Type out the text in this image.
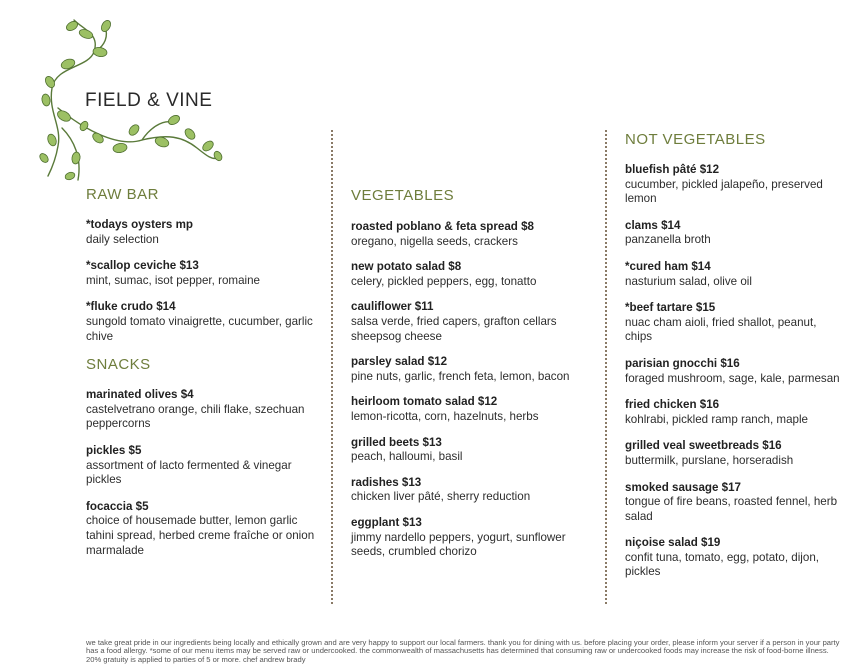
FIELD & VINE
RAW BAR
*todays oysters mp
daily selection
*scallop ceviche $13
mint, sumac, isot pepper, romaine
*fluke crudo $14
sungold tomato vinaigrette, cucumber, garlic chive
SNACKS
marinated olives $4
castelvetrano orange, chili flake, szechuan peppercorns
pickles $5
assortment of lacto fermented & vinegar pickles
focaccia $5
choice of housemade butter, lemon garlic tahini spread, herbed creme fraîche or onion marmalade
VEGETABLES
roasted poblano & feta spread $8
oregano, nigella seeds, crackers
new potato salad $8
celery, pickled peppers, egg, tonatto
cauliflower $11
salsa verde, fried capers, grafton cellars sheepsog cheese
parsley salad $12
pine nuts, garlic, french feta, lemon, bacon
heirloom tomato salad $12
lemon-ricotta, corn, hazelnuts, herbs
grilled beets $13
peach, halloumi, basil
radishes $13
chicken liver pâté, sherry reduction
eggplant $13
jimmy nardello peppers, yogurt, sunflower seeds, crumbled chorizo
NOT VEGETABLES
bluefish pâté $12
cucumber, pickled jalapeño, preserved lemon
clams $14
panzanella broth
*cured ham $14
nasturium salad, olive oil
*beef tartare $15
nuac cham aioli, fried shallot, peanut, chips
parisian gnocchi $16
foraged mushroom, sage, kale, parmesan
fried chicken $16
kohlrabi, pickled ramp ranch, maple
grilled veal sweetbreads $16
buttermilk, purslane, horseradish
smoked sausage $17
tongue of fire beans, roasted fennel, herb salad
niçoise salad $19
confit tuna, tomato, egg, potato, dijon, pickles
we take great pride in our ingredients being locally and ethically grown and are very happy to support our local farmers. thank you for dining with us. before placing your order, please inform your server if a person in your party has a food allergy. *some of our menu items may be served raw or undercooked. the commonwealth of massachusetts has determined that consuming raw or undercooked foods may increase the risk of food-borne illness. 20% gratuity is applied to parties of 5 or more. chef andrew brady
